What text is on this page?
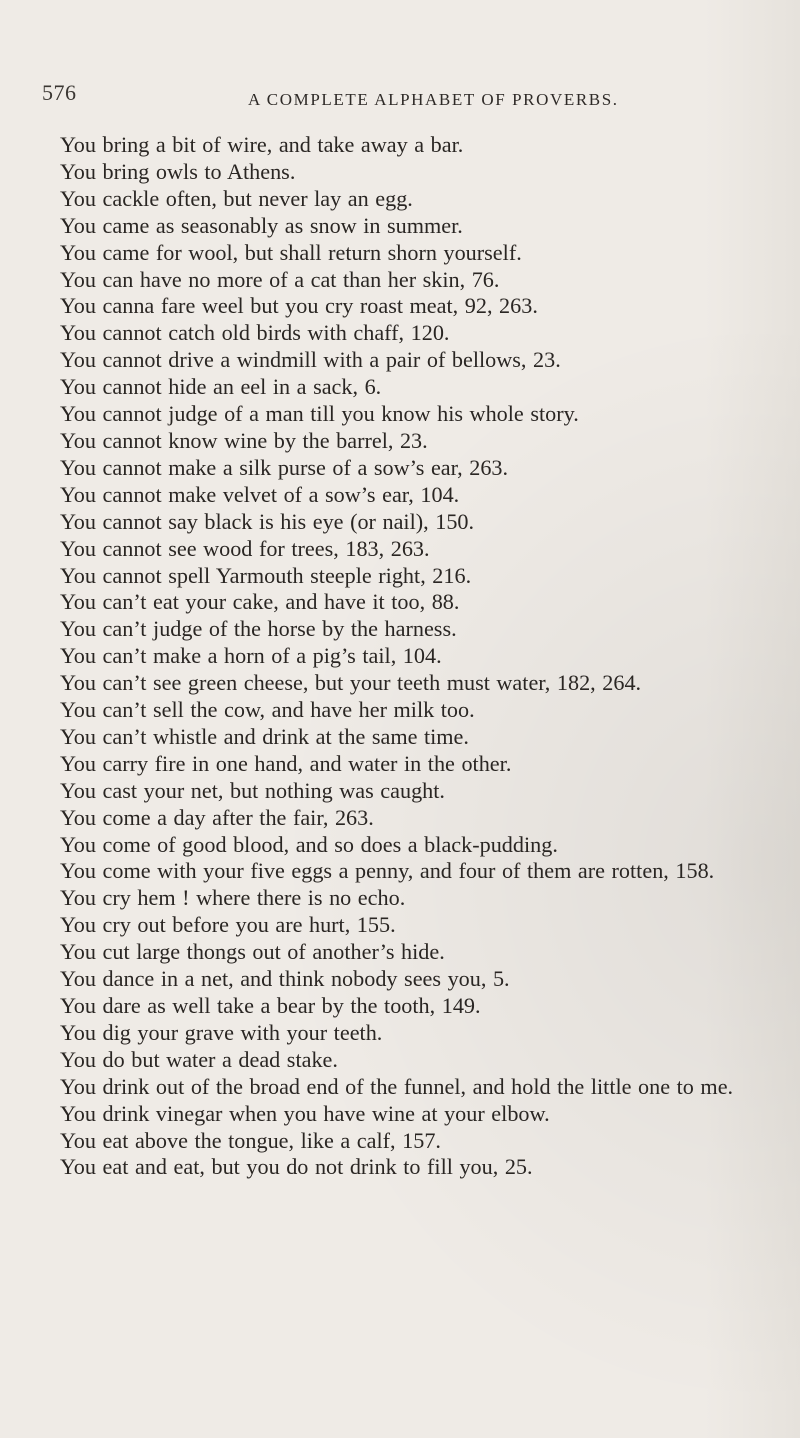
576	A COMPLETE ALPHABET OF PROVERBS.
You bring a bit of wire, and take away a bar.
You bring owls to Athens.
You cackle often, but never lay an egg.
You came as seasonably as snow in summer.
You came for wool, but shall return shorn yourself.
You can have no more of a cat than her skin, 76.
You canna fare weel but you cry roast meat, 92, 263.
You cannot catch old birds with chaff, 120.
You cannot drive a windmill with a pair of bellows, 23.
You cannot hide an eel in a sack, 6.
You cannot judge of a man till you know his whole story.
You cannot know wine by the barrel, 23.
You cannot make a silk purse of a sow’s ear, 263.
You cannot make velvet of a sow’s ear, 104.
You cannot say black is his eye (or nail), 150.
You cannot see wood for trees, 183, 263.
You cannot spell Yarmouth steeple right, 216.
You can’t eat your cake, and have it too, 88.
You can’t judge of the horse by the harness.
You can’t make a horn of a pig’s tail, 104.
You can’t see green cheese, but your teeth must water, 182, 264.
You can’t sell the cow, and have her milk too.
You can’t whistle and drink at the same time.
You carry fire in one hand, and water in the other.
You cast your net, but nothing was caught.
You come a day after the fair, 263.
You come of good blood, and so does a black-pudding.
You come with your five eggs a penny, and four of them are rotten, 158.
You cry hem ! where there is no echo.
You cry out before you are hurt, 155.
You cut large thongs out of another’s hide.
You dance in a net, and think nobody sees you, 5.
You dare as well take a bear by the tooth, 149.
You dig your grave with your teeth.
You do but water a dead stake.
You drink out of the broad end of the funnel, and hold the little one to me.
You drink vinegar when you have wine at your elbow.
You eat above the tongue, like a calf, 157.
You eat and eat, but you do not drink to fill you, 25.
